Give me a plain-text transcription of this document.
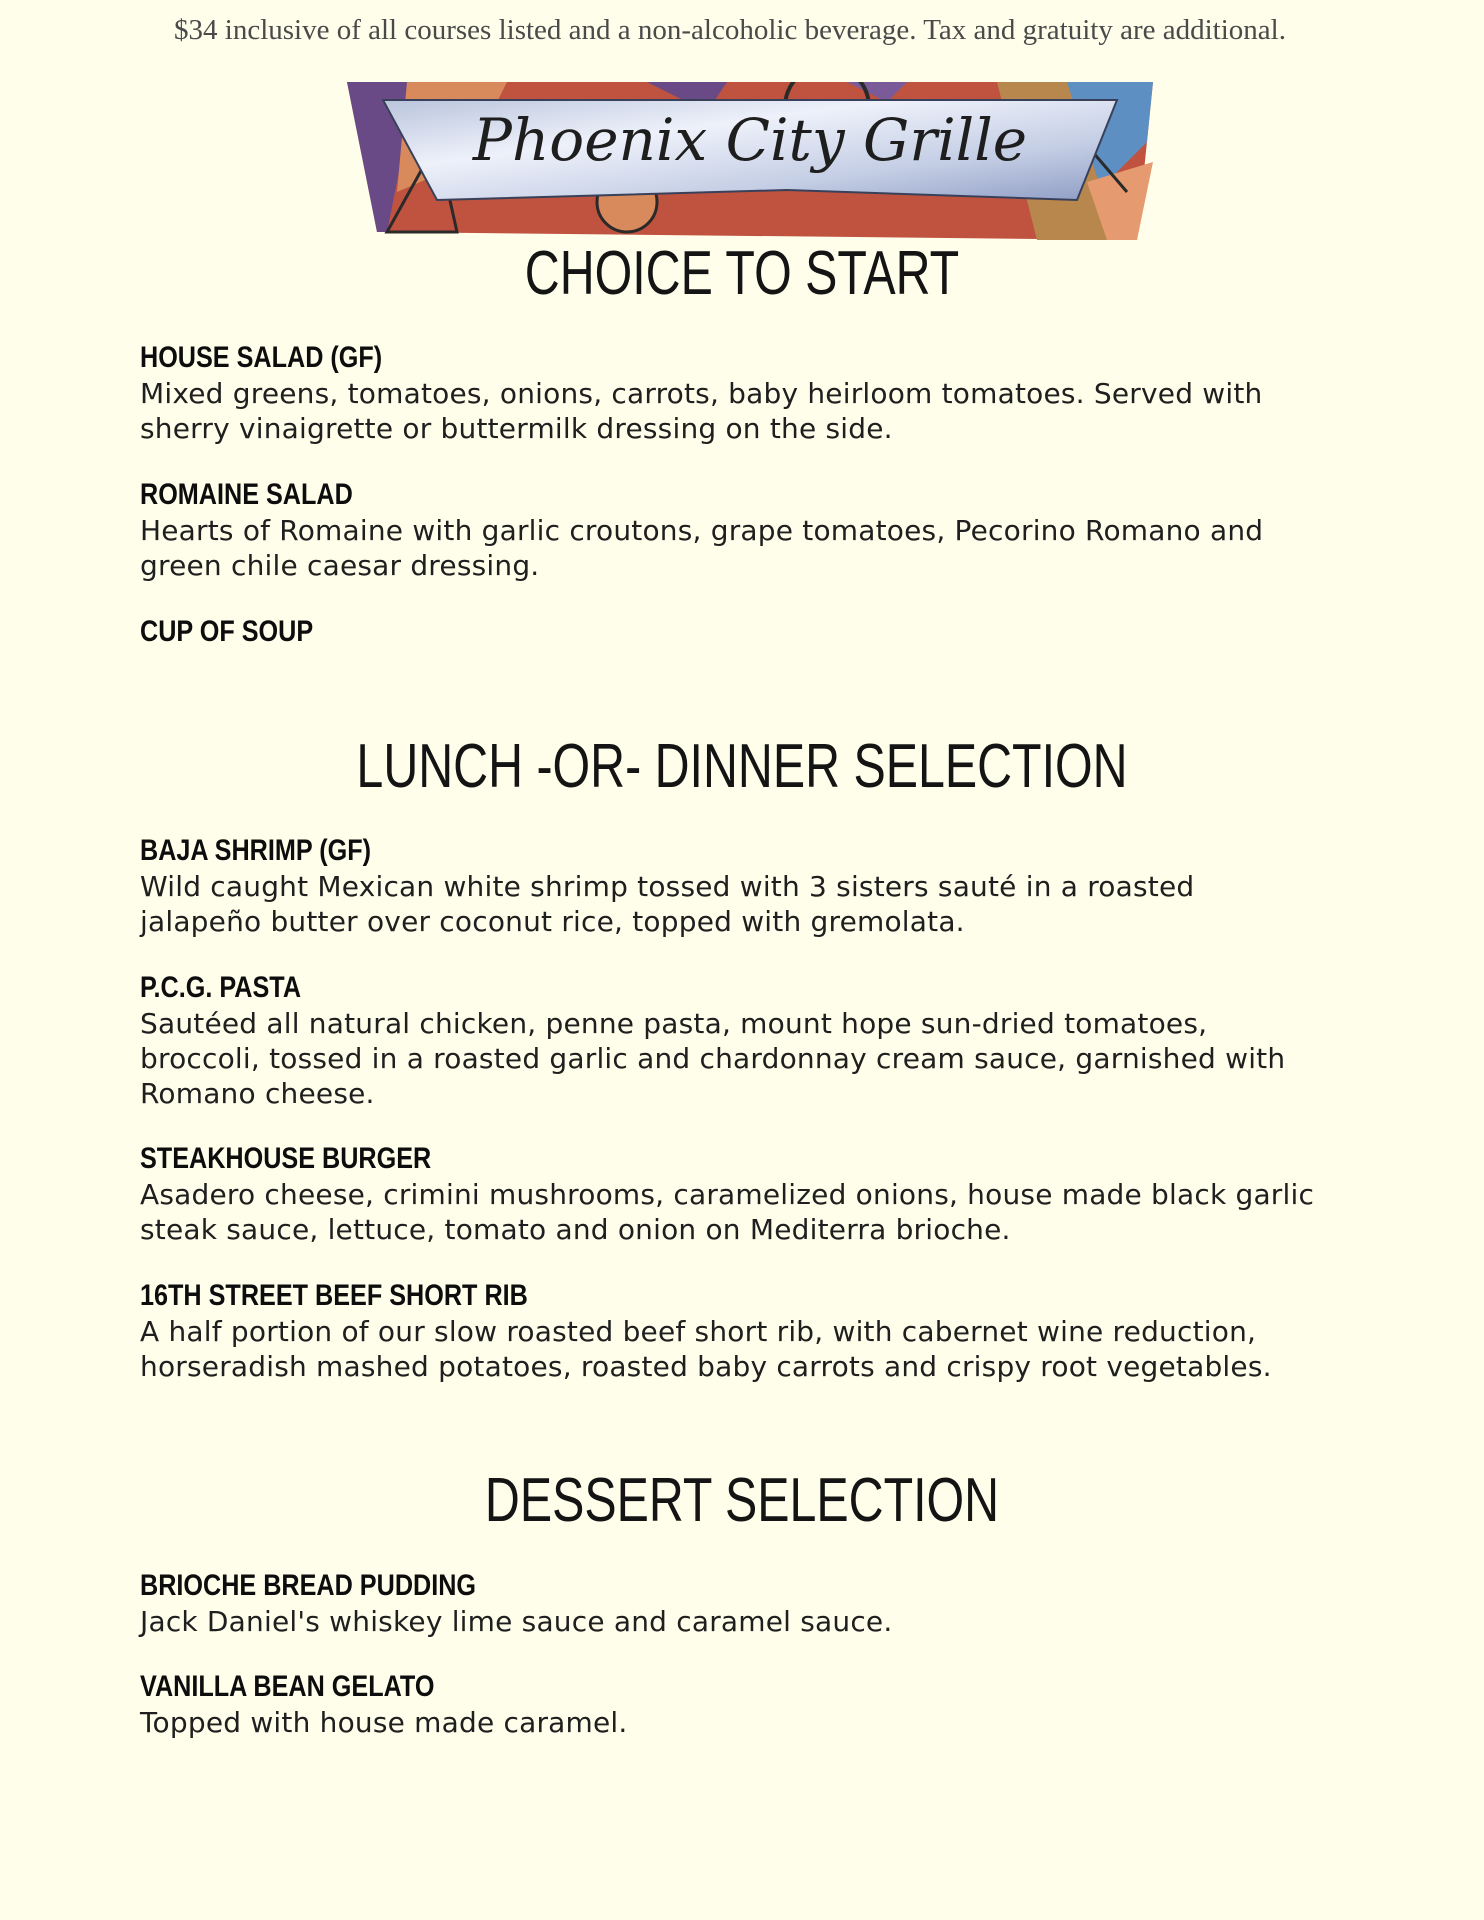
$34 inclusive of all courses listed and a non-alcoholic beverage. Tax and gratuity are additional.

Phoenix City Grille
CHOICE TO START
HOUSE SALAD (GF)
Mixed greens, tomatoes, onions, carrots, baby heirloom tomatoes. Served with sherry vinaigrette or buttermilk dressing on the side.
ROMAINE SALAD
Hearts of Romaine with garlic croutons, grape tomatoes, Pecorino Romano and green chile caesar dressing.
CUP OF SOUP
LUNCH -OR- DINNER SELECTION
BAJA SHRIMP (GF)
Wild caught Mexican white shrimp tossed with 3 sisters sauté in a roasted jalapeño butter over coconut rice, topped with gremolata.
P.C.G. PASTA
Sautéed all natural chicken, penne pasta, mount hope sun-dried tomatoes, broccoli, tossed in a roasted garlic and chardonnay cream sauce, garnished with Romano cheese.
STEAKHOUSE BURGER
Asadero cheese, crimini mushrooms, caramelized onions, house made black garlic steak sauce, lettuce, tomato and onion on Mediterra brioche.
16TH STREET BEEF SHORT RIB
A half portion of our slow roasted beef short rib, with cabernet wine reduction, horseradish mashed potatoes, roasted baby carrots and crispy root vegetables.
DESSERT SELECTION
BRIOCHE BREAD PUDDING
Jack Daniel's whiskey lime sauce and caramel sauce.
VANILLA BEAN GELATO
Topped with house made caramel.
